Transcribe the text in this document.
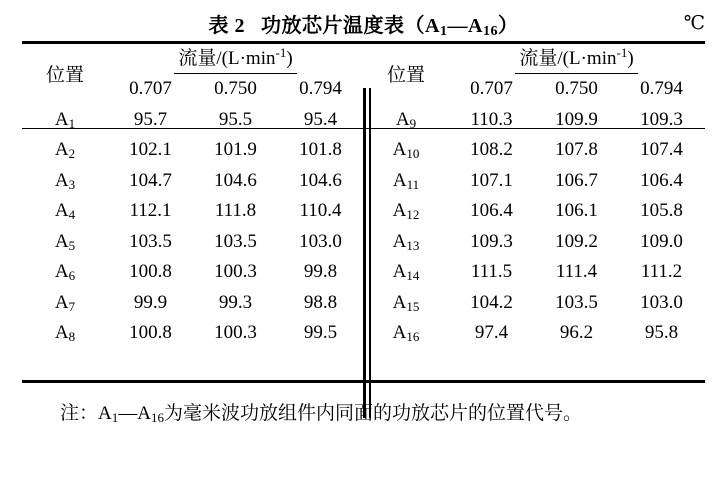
表 2 功放芯片温度表$(A_1—A_{16})$	℃
位置	流量$/(L\cdot\min^{-1})$		

	0.707	0.750	0.794
$A_1$	95.7	95.5	95.4
$A_2$	102.1	101.9	101.8
$A_3$	104.7	104.6	104.6
$A_4$	112.1	111.8	110.4
$A_5$	103.5	103.5	103.0
$A_6$	100.8	100.3	99.8
$A_7$	99.9	99.3	98.8
$A_8$	100.8	100.3	99.5
位置	流量$/(L\cdot\min^{-1})$		

	0.707	0.750	0.794
$A_9$	110.3	109.9	109.3
$A_{10}$	108.2	107.8	107.4
$A_{11}$	107.1	106.7	106.4
$A_{12}$	106.4	106.1	105.8
$A_{13}$	109.3	109.2	109.0
$A_{14}$	111.5	111.4	111.2
$A_{15}$	104.2	103.5	103.0
$A_{16}$	97.4	96.2	95.8
注：$A_1—A_{16}$为毫米波功放组件内同面的功放芯片的位置代号。
